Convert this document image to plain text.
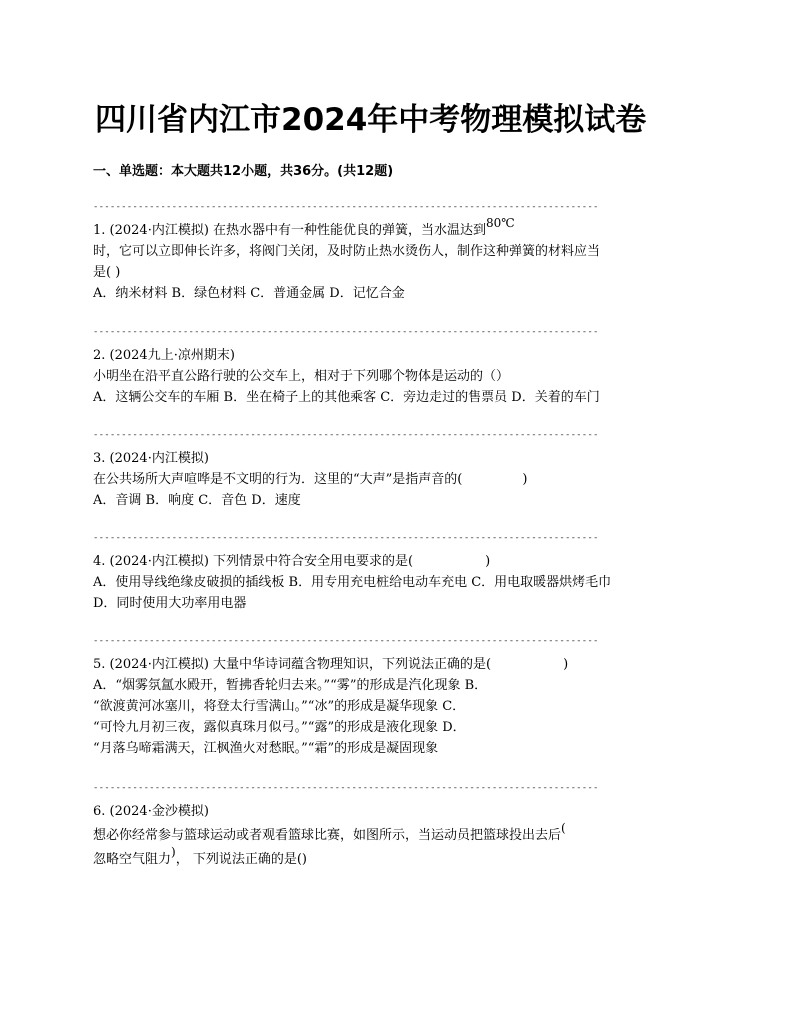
四川省内江市2024年中考物理模拟试卷
一、单选题：本大题共12小题，共36分。(共12题)
------------------------------------------------------------------------------------------
1. (2024·内江模拟) 在热水器中有一种性能优良的弹簧，当水温达到80℃
时，它可以立即伸长许多，将阀门关闭，及时防止热水烫伤人，制作这种弹簧的材料应当
是( )
A．纳米材料 B．绿色材料 C．普通金属 D．记忆合金
------------------------------------------------------------------------------------------
2. (2024九上·凉州期末)
小明坐在沿平直公路行驶的公交车上，相对于下列哪个物体是运动的（）
A．这辆公交车的车厢 B．坐在椅子上的其他乘客 C．旁边走过的售票员 D．关着的车门
------------------------------------------------------------------------------------------
3. (2024·内江模拟)
在公共场所大声喧哗是不文明的行为．这里的“大声”是指声音的(	)
A．音调 B．响度 C．音色 D．速度
------------------------------------------------------------------------------------------
4. (2024·内江模拟) 下列情景中符合安全用电要求的是(	)
A．使用导线绝缘皮破损的插线板 B．用专用充电桩给电动车充电 C．用电取暖器烘烤毛巾
D．同时使用大功率用电器
------------------------------------------------------------------------------------------
5. (2024·内江模拟) 大量中华诗词蕴含物理知识，下列说法正确的是(	)
A．“烟雾氛氲水殿开，暂拂香轮归去来。”“雾”的形成是汽化现象 B．
“欲渡黄河冰塞川，将登太行雪满山。”“冰”的形成是凝华现象 C．
“可怜九月初三夜，露似真珠月似弓。”“露”的形成是液化现象 D．
“月落乌啼霜满天，江枫渔火对愁眠。”“霜”的形成是凝固现象
------------------------------------------------------------------------------------------
6. (2024·金沙模拟)
想必你经常参与篮球运动或者观看篮球比赛，如图所示，当运动员把篮球投出去后(
忽略空气阻力)， 下列说法正确的是()
